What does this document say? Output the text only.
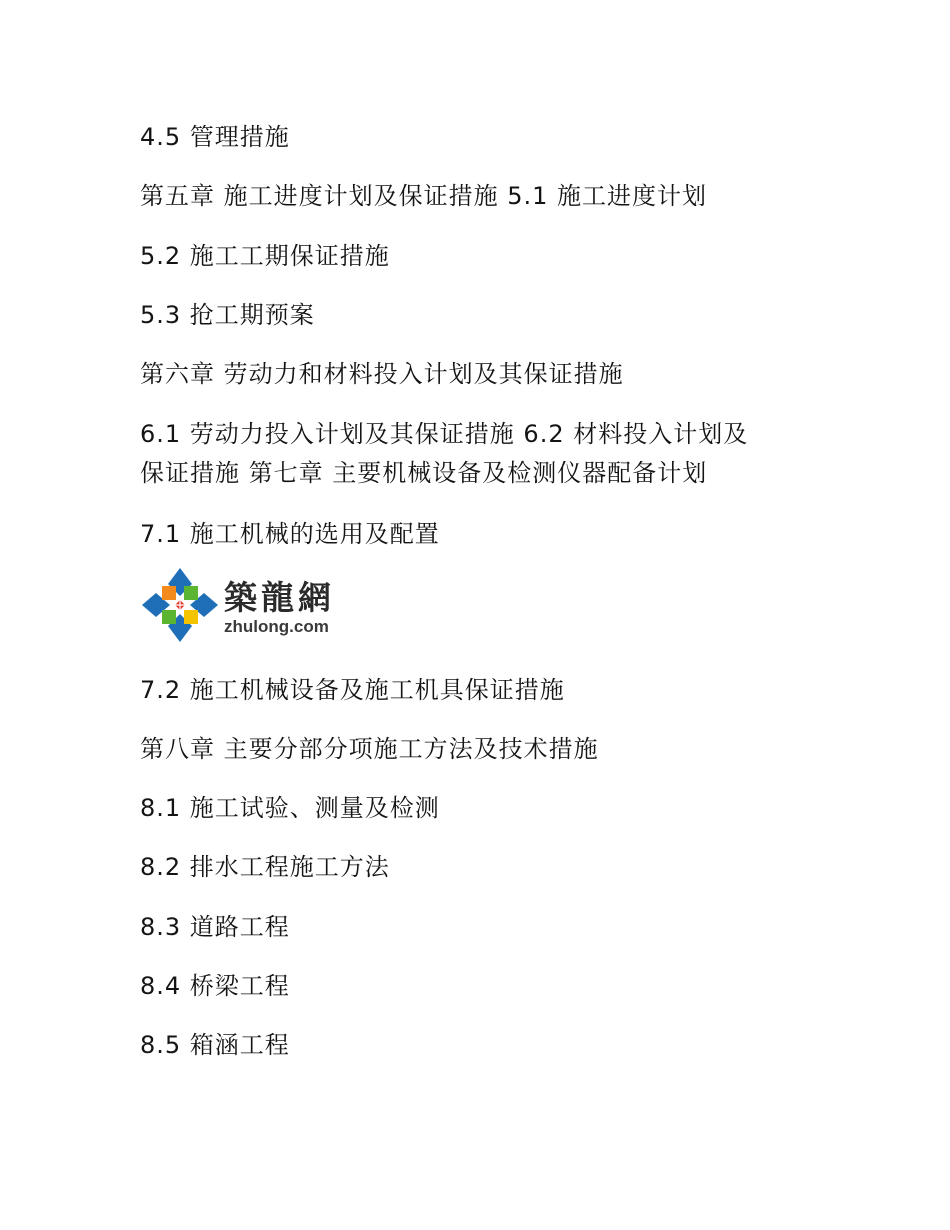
4.5 管理措施
第五章 施工进度计划及保证措施 5.1 施工进度计划
5.2 施工工期保证措施
5.3 抢工期预案
第六章 劳动力和材料投入计划及其保证措施
6.1 劳动力投入计划及其保证措施 6.2 材料投入计划及
保证措施 第七章 主要机械设备及检测仪器配备计划
7.1 施工机械的选用及配置
築龍網
zhulong.com
7.2 施工机械设备及施工机具保证措施
第八章 主要分部分项施工方法及技术措施
8.1 施工试验、测量及检测
8.2 排水工程施工方法
8.3 道路工程
8.4 桥梁工程
8.5 箱涵工程
